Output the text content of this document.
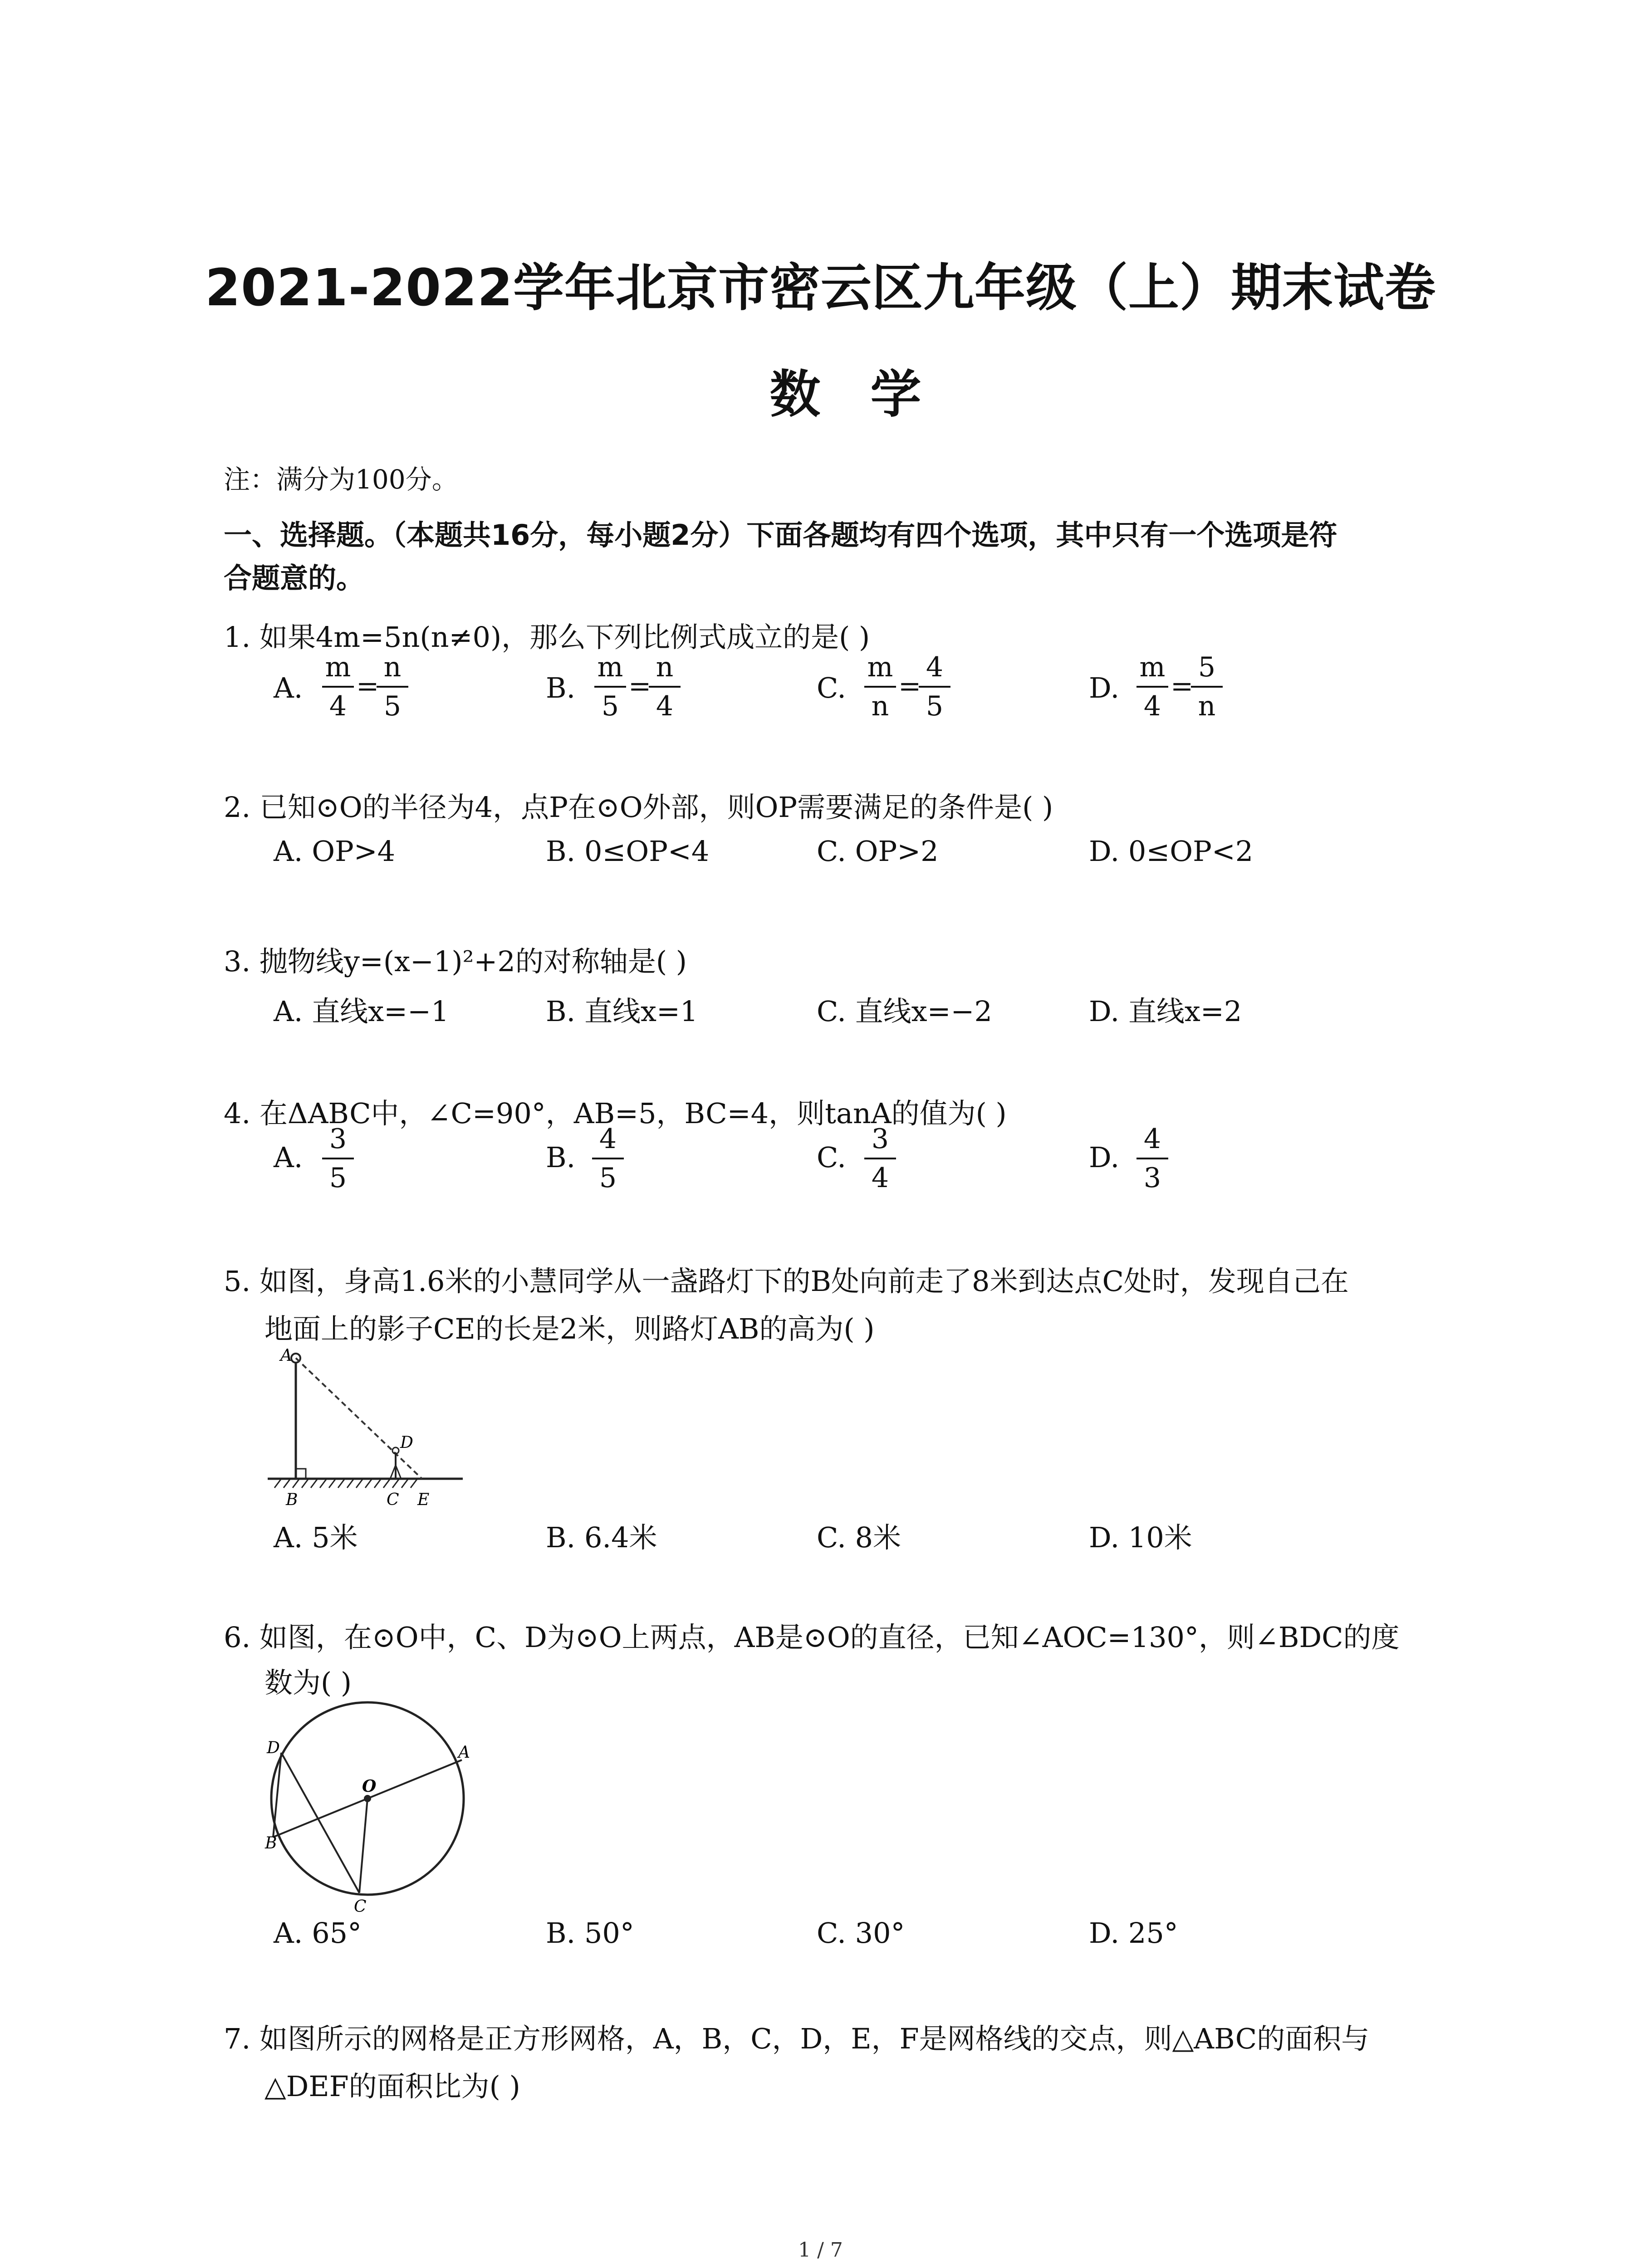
2021-2022学年北京市密云区九年级（上）期末试卷
数学
注：满分为100分。
一、选择题。（本题共16分，每小题2分）下面各题均有四个选项，其中只有一个选项是符
合题意的。
1. 如果4m=5n(n≠0)，那么下列比例式成立的是( )
A.
m
4
=
n
5
B.
m
5
=
n
4
C.
m
n
=
4
5
D.
m
4
=
5
n
2. 已知⊙O的半径为4，点P在⊙O外部，则OP需要满足的条件是( )
A. OP>4	B. 0≤OP<4	C. OP>2	D. 0≤OP<2
3. 抛物线y=(x−1)²+2的对称轴是( )
A. 直线x=−1	B. 直线x=1	C. 直线x=−2	D. 直线x=2
4. 在ΔABC中，∠C=90°，AB=5，BC=4，则tanA的值为( )
A.
3
5
B.
4
5
C.
3
4
D.
4
3
5. 如图，身高1.6米的小慧同学从一盏路灯下的B处向前走了8米到达点C处时，发现自己在
地面上的影子CE的长是2米，则路灯AB的高为( )
A
B	C
D
E
A. 5米	B. 6.4米	C. 8米	D. 10米
6. 如图，在⊙O中，C、D为⊙O上两点，AB是⊙O的直径，已知∠AOC=130°，则∠BDC的度
数为( )
A
B
C
D
O
A. 65°	B. 50°	C. 30°	D. 25°
7. 如图所示的网格是正方形网格，A，B，C，D，E，F是网格线的交点，则△ABC的面积与
△DEF的面积比为( )
1 / 7
